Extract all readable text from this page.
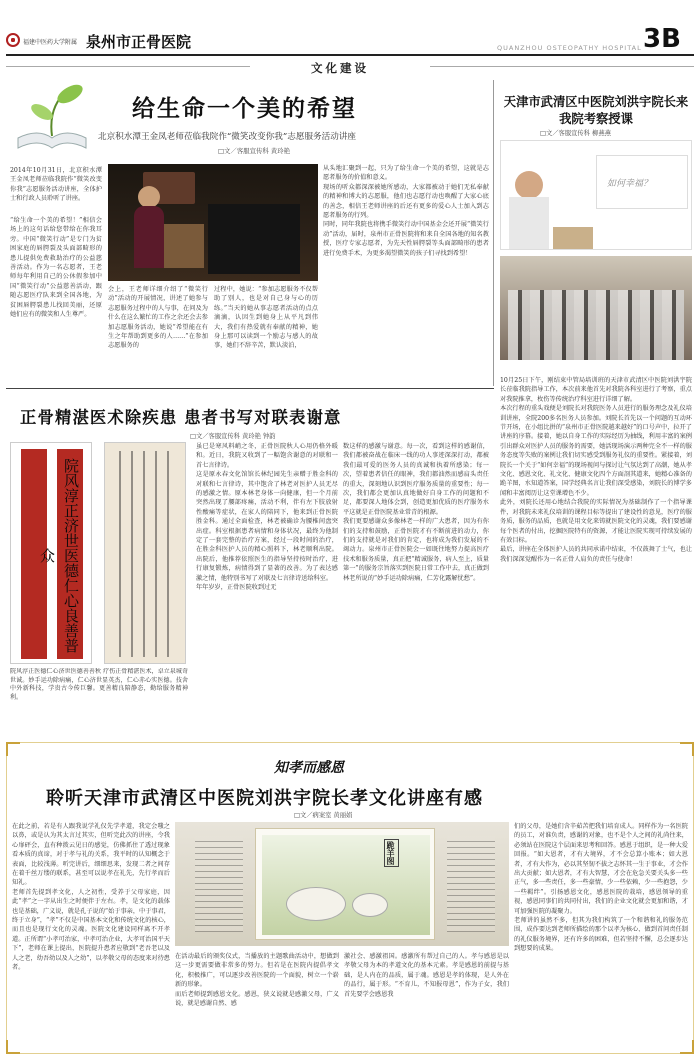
福建中医药大学附属 泉州市正骨医院	QUANZHOU OSTEOPATHY HOSPITAL 3B
文化建设
给生命一个美的希望
北京积水潭王金凤老师莅临我院作“微笑改变你我”志愿服务活动讲座
□文／客服宣传科 黄玲艳
2014年10月31日，北京积水潭王金凤老师莅临我院作“微笑改变你我”志愿服务活动讲座，全体护士和行政人员聆听了讲座。
“给生命一个美的希望！”相信会场上的这句话给您带给在你我耳旁。中国“微笑行动”是专门为贫困家庭的唇腭裂及头面部畸形的患儿提供免费救助治疗的公益慈善活动。作为一名志愿者，王老师每年利用自己的公休假参加中国“微笑行动”公益慈善活动，跟随志愿医疗队来到全国各地，为贫困唇腭裂患儿找回美丽，还原她们应有的微笑和人生尊严。
会上，王老师详细介绍了“微笑行动”活动的开展情况，讲述了她参与志愿服务过程中的人与事，在问及为什么在这么繁忙的工作之余还会去参加志愿服务活动，她说“希望能在有生之年帮助到更多的人……”在参加志愿服务的
过程中，她说：“参加志愿服务不仅帮助了别人，也是对自己身与心的历练。”当天的她从事志愿者活动的点点滴滴，认因生到她身上从平凡到伟大，我们有热爱就有奉献的精神，她身上那可以读到一个励志与感人的故事，她们不辞辛苦，默认淡泊，
从头地汇聚到一起，只为了给生命一个美的希望，这就是志愿者服务的价值和意义。
现场的听众都深深被她所感动，大家都被动于她们无私奉献的精神和博大的志愿服，他们也志愿行动也唤醒了大家心底的善念，相信王老师讲座的后还有更多的爱心人士加入到志愿者服务的行列。
同时，同年我院也将携手微笑行动中国基金会还开展“微笑行动”活动，届时，泉州市正骨医院将和来自全国各地的知名教授，医疗专家志愿者，为先天性唇腭裂等头面部畸形的患者进行免费手术，为更多渴望微笑的孩子们寻找到希望！
天津市武清区中医院刘洪宇院长来我院考察授课
□文／客服宣传科 柳燕燕
如何幸福？
10月25日下午，刚结束中管局培训班的天津市武清区中医院刘洪宇院长莅临我院指导工作，本次前来他首先对我院各科室进行了考察，重点对我院推拿，枚伤等传统治疗科室进行详细了解。
本次行程的重头戏便是刘院长对我院医务人员进行的服务理念及礼仪培训讲座，全院200多名医务人员参加。刘院长首先以一个问题的互动环节开场，在小组比拼的“泉州市正骨医院越来越好”的口号声中，拉开了讲座的序幕。接着，她以自身工作的实际经历为抽线，利用丰富的案例引出群众对医护人员的服务的需要，她活现场演示两种完全不一样的服务态度等失败的案例让我们切实感受到服务礼仪的重要性。紧接着，刘院长一个关于“如何幸福”的现场视问与探讨让气氛达到了高潮，她从孝文化、感恩文化、礼文化、健康文化四个方面剖其道来，她精心准备的跪羊图，水知道答案，国学经典名言让我们深受感染，刘院长的博学多闻和丰富阅历让这堂课增色不少。
此外，刘院长还用心地结合我院的实际情况为基础制作了一个指导课件，对我院未来礼仪培训的课程目标等提出了建设性的意见，医疗的服务质，服务的品质，也就是用文化来铸就医院文化的灵魂，我们要感谢每个医者的付出，挖掘医院特有的资源，才能让医院实现可持续发展的有效目标。
最后，讲座在全体医护人员的共同承诺中结束，不仅鼓舞了士气，也让我们深深觉醒作为一名正骨人肩负的责任与使命！
正骨精湛医术除疾患 患者书写对联表谢意
□文／客服宣传科 黄玲艳 钟韵
院风淳正济世医德仁心良善普众
院风淳正医德仁心济世医德善善秋 疗伤正骨精湛医术，卓立泉城奇世诚。妙手运功除病痛，仁心济世显英杰，仁心赤心实医德。技舍中外新科技，学贵古今传巨馨。更善精良陪静态，勤给服务精神利。
虽已是寒风料峭之冬，正骨医院秋人心用仍格外暖和。近日，我院又收到了一幅饱含谢意的对联和一首七言律诗。
这是原永春文化馆馆长林纪园先生亲赠于胜金科的对联和七言律诗，其中饱含了林老对医护人员无尽的感激之情。原本林老身体一向健康，但一个月前突然出现了腰部疼痛，活动不利，伴有左下肢放射性酸痛等症状，在家人的陪同下，他来到正骨医院胜金科。通过全面检查，林老被确诊为腰椎间盘突出症。科室根据患者病情和身体状况，最终为他制定了一套完整的治疗方案，经过一段时间的治疗，在胜金科医护人员的精心照料下，林老顺利出院。出院后，他推荐依照医生的指导坚持按时治疗，进行康复锻炼，病情得到了显著的改善。为了表达感激之情，他特别书写了对联及七言律诗送给科室。
年年岁岁，正骨医院收到过无
数这样的感激与谢意。每一次，看到这样的感谢信，我们都被奋战在临床一线的功人事迹深深打动，都被我们最可爱的医务人员的真诚和执着所感染；每一次，望着患者信任的眼神，我们都油然而感肩头责任的重大，深刻地认识到医疗服务质量的重要性；每一次，我们都会更加认真地做好自身工作的问题和不足，都要深人地体会到，创造更加优质的医疗服务水平这就是正骨医院基业常青的根源。
我们更要感谢众多像林老一样的广大患者，因为有你们的支持和鼓励，正骨医院才有不断前进的动力，你们的支持就是对我们的肯定，也将成为我们发展的不竭动力。泉州市正骨医院会一如既往地努力提高医疗技术和服务质量，真正把“精诚服务，病人至上，质量第一”的服务宗旨落实到医院日常工作中去，真正做到林老所说的“妙手运功除病痛，仁芳化露解忧愁”。
知孝而感恩
聆听天津市武清区中医院刘洪宇院长孝文化讲座有感
□文／病案室 黄丽娟
在此之前，若是有人跟我说学礼仅先学孝道，我定会嗤之以鼻，或是认为其太言过其实，但听完此次的讲座，令我心扉砰会，直有种拨云见日的感觉，仿佛抓住了透过现象看本质的真谛，对于孝与礼的关系，我平时的认知概念于表面，比较浅薄。听完讲后，细细思来，发现二者之间存在着千丝万缕的联系，甚至可以说孝在礼先，先行孝而后知礼。
老师首先提到孝文化，人之初性，受养于父母家庭，因此“孝”之一字从出生之时便伴于左右。孝，是文化的载体也是基础，广义说，就是孔子说的“始于事亲，中于事君，终于立身”，“孝”不仅是中国基本文化和传统文化的核心，而且也是现行文化的灵魂。医院文化建设同样离不开孝道。正所谓“小孝可治家，中孝可治企业，大孝可治国平天下”，老师在课上提出，医院提升患者应敬到“老吾老以及人之老，幼吾幼以及人之幼”，以孝敬父母的态度来对待患者。
跪羊图
在活动最后的颁奖仪式，当播放的主题歌曲活动中，想做到这一步更需要做非常多的努力。但若是在医院内提倡孝文化，积极推广，可以逐步改善医院的一个面貌，树立一个崭新的形象。
而后老师提到感恩文化。感恩，狭义说就是感激父母，广义说，就是感谢自然、感
激社会、感激祖国。感激所有帮过自己的人。孝与感恩是以孝敬父母为本的孝道文化的基本元素。孝是感恩的前提与基础，是人内在的品质，属于魂。感恩是孝的体现，是人外在的品行，属于形。“不育儿，不知报母恩”，作为子女，我们首先要学会感恩我
们的父母，是她们含辛茹苦把我们培育成人。同样作为一名医院的员工，对谁负责，感谢的对象，也不是个人之间的礼尚往来，必须站在医院这个层面来思考和回答。感恩于组织，是一种大爱回报。“如大恩者，才有大境界，才不会总算小账本；如大恩者，才有大作为，必以其坚韧不拔之志怀其一生于事业，才会作出大贡献；如大恩者，才有大智慧，才会在危急关要关头多一些正气，多一些责任，多一些豪情，少一些依赖，少一些抱怨，少一些羁绊”。引扬感恩文化，感恩医院的栽培，感恩领导的重视，感恩同事们的共同付出，我们的企业文化就会更加和谐，才可加强医院的凝聚力。
老师讲的虽然不多，但其为我们构筑了一个和谐和礼的服务范围，成作要达到老师所描绘的那个以孝为核心、做到首问责任制的礼仪服务境界，还有许多的困难，但若坚持不懈，总会逐步达到想要的成果。
